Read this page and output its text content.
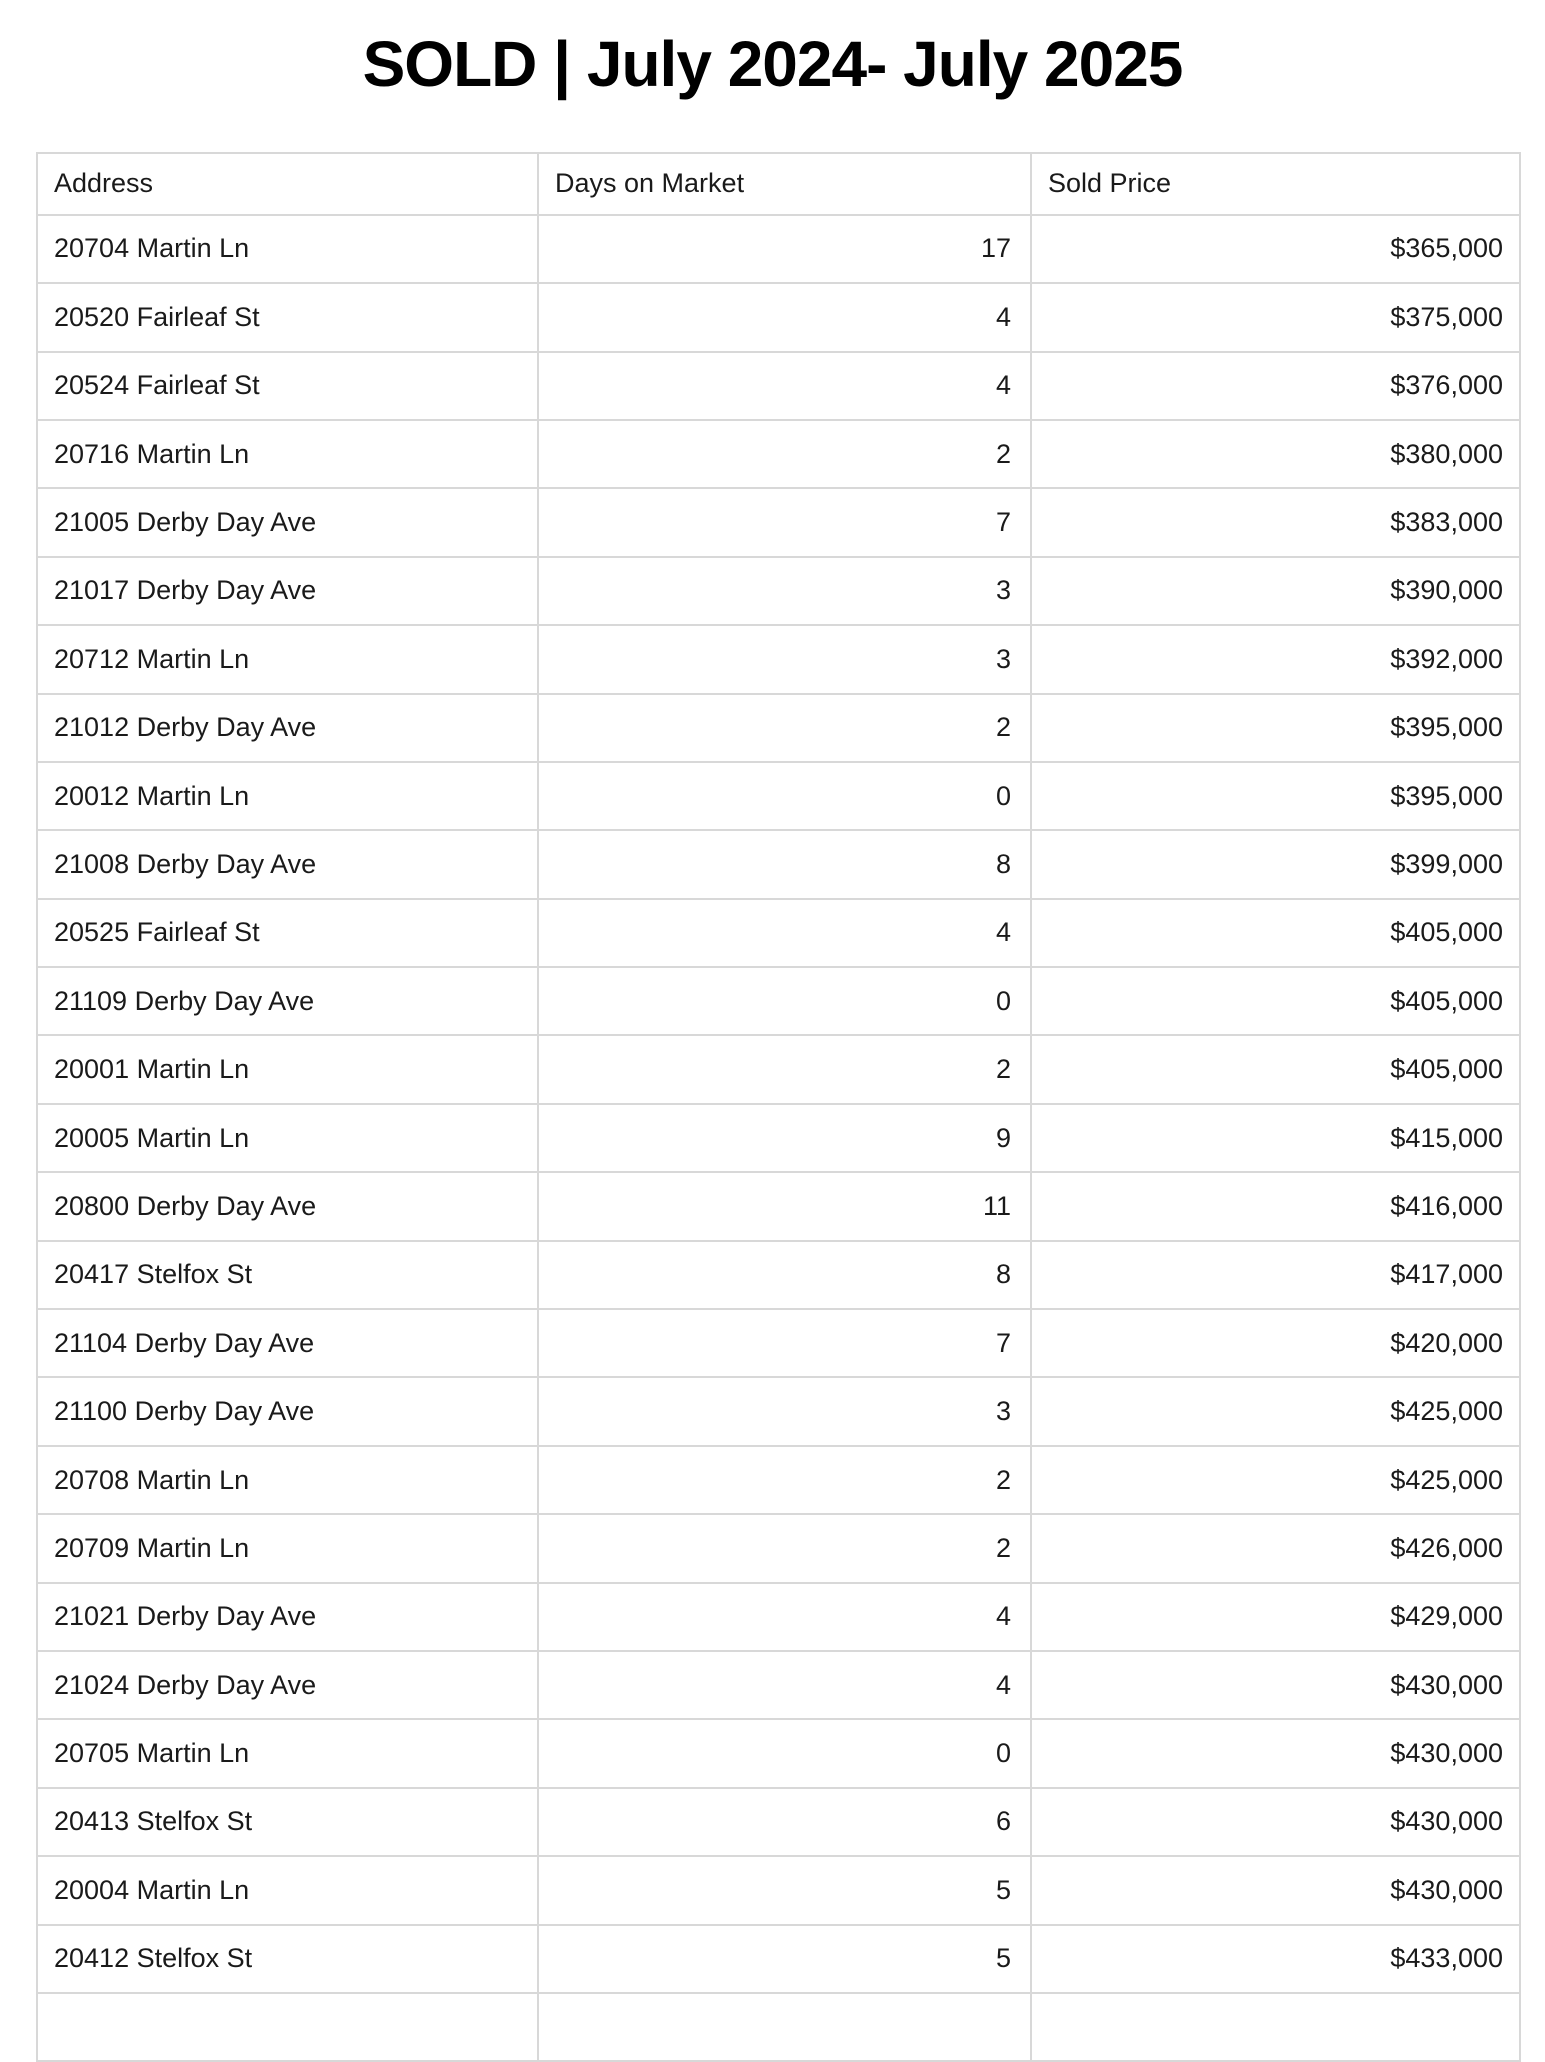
SOLD | July 2024- July 2025
Address	Days on Market	Sold Price
20704 Martin Ln	17	$365,000
20520 Fairleaf St	4	$375,000
20524 Fairleaf St	4	$376,000
20716 Martin Ln	2	$380,000
21005 Derby Day Ave	7	$383,000
21017 Derby Day Ave	3	$390,000
20712 Martin Ln	3	$392,000
21012 Derby Day Ave	2	$395,000
20012 Martin Ln	0	$395,000
21008 Derby Day Ave	8	$399,000
20525 Fairleaf St	4	$405,000
21109 Derby Day Ave	0	$405,000
20001 Martin Ln	2	$405,000
20005 Martin Ln	9	$415,000
20800 Derby Day Ave	11	$416,000
20417 Stelfox St	8	$417,000
21104 Derby Day Ave	7	$420,000
21100 Derby Day Ave	3	$425,000
20708 Martin Ln	2	$425,000
20709 Martin Ln	2	$426,000
21021 Derby Day Ave	4	$429,000
21024 Derby Day Ave	4	$430,000
20705 Martin Ln	0	$430,000
20413 Stelfox St	6	$430,000
20004 Martin Ln	5	$430,000
20412 Stelfox St	5	$433,000
